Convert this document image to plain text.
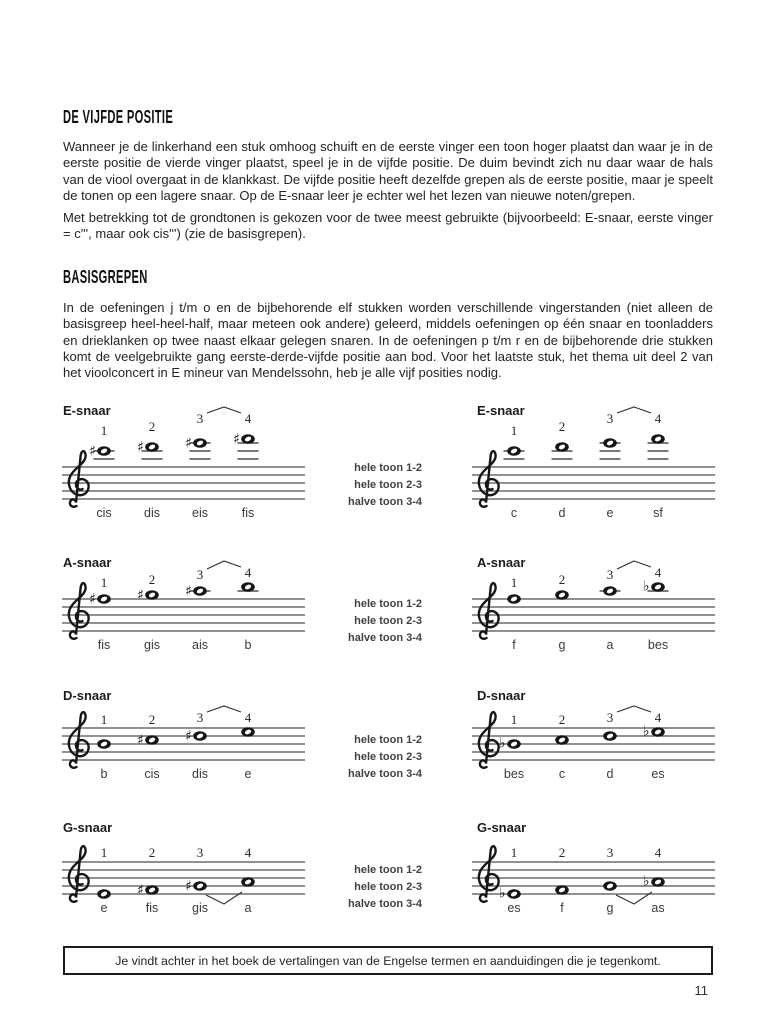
DE VIJFDE POSITIE

Wanneer je de linkerhand een stuk omhoog schuift en de eerste vinger een toon hoger plaatst dan waar je in de eerste positie de vierde vinger plaatst, speel je in de vijfde positie. De duim bevindt zich nu daar waar de hals van de viool overgaat in de klankkast. De vijfde positie heeft dezelfde grepen als de eerste positie, maar je speelt de tonen op een lagere snaar. Op de E-snaar leer je echter wel het lezen van nieuwe noten/grepen.

Met betrekking tot de grondtonen is gekozen voor de twee meest gebruikte (bijvoorbeeld: E-snaar, eerste vinger = c''', maar ook cis''') (zie de basisgrepen).

BASISGREPEN

In de oefeningen j t/m o en de bijbehorende elf stukken worden verschillende vingerstanden (niet alleen de basisgreep heel-heel-half, maar meteen ook andere) geleerd, middels oefeningen op één snaar en toonladders en drieklanken op twee naast elkaar gelegen snaren. In de oefeningen p t/m r en de bijbehorende drie stukken komt de veelgebruikte gang eerste-derde-vijfde positie aan bod. Voor het laatste stuk, het thema uit deel 2 van het vioolconcert in E mineur van Mendelssohn, heb je alle vijf posities nodig.

E-snaar	E-snaar
♯
1
cis
♯
2
dis
♯
3
eis
♯
4
fis
1
c
2
d
3
e
4
sf
hele toon 1-2
hele toon 2-3
halve toon 3-4
A-snaar	A-snaar
♯
1
fis
♯
2
gis
♯
3
ais
4
b
1
f
2
g
3
a
♭
4
bes
hele toon 1-2
hele toon 2-3
halve toon 3-4
D-snaar	D-snaar
1
b
♯
2
cis
♯
3
dis
4
e
♭
1
bes
2
c
3
d
♭
4
es
hele toon 1-2
hele toon 2-3
halve toon 3-4
G-snaar	G-snaar
1
e
♯
2
fis
♯
3
gis
4
a
♭
1
es
2
f
3
g
♭
4
as
hele toon 1-2
hele toon 2-3
halve toon 3-4
Je vindt achter in het boek de vertalingen van de Engelse termen en aanduidingen die je tegenkomt.
11
